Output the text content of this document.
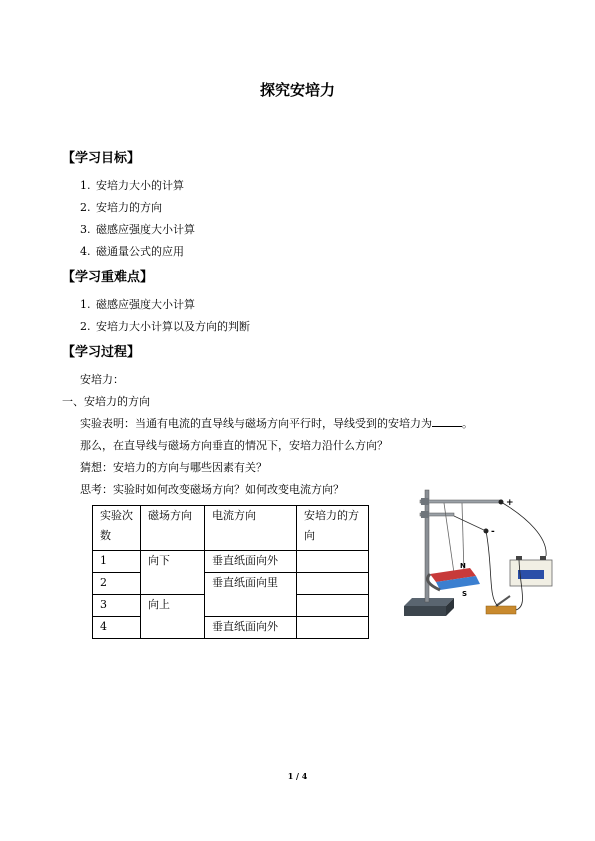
探究安培力
【学习目标】
1. 安培力大小的计算
2. 安培力的方向
3. 磁感应强度大小计算
4. 磁通量公式的应用
【学习重难点】
1. 磁感应强度大小计算
2. 安培力大小计算以及方向的判断
【学习过程】
安培力：
一、安培力的方向
实验表明：当通有电流的直导线与磁场方向平行时，导线受到的安培力为	。
那么，在直导线与磁场方向垂直的情况下，安培力沿什么方向？
猜想：安培力的方向与哪些因素有关？
思考：实验时如何改变磁场方向？如何改变电流方向？
实验次数	磁场方向	电流方向	安培力的方向
1	向下	垂直纸面向外	
2		垂直纸面向里	
3	向上		
4		垂直纸面向外	
+
-
N
S
1 / 4
